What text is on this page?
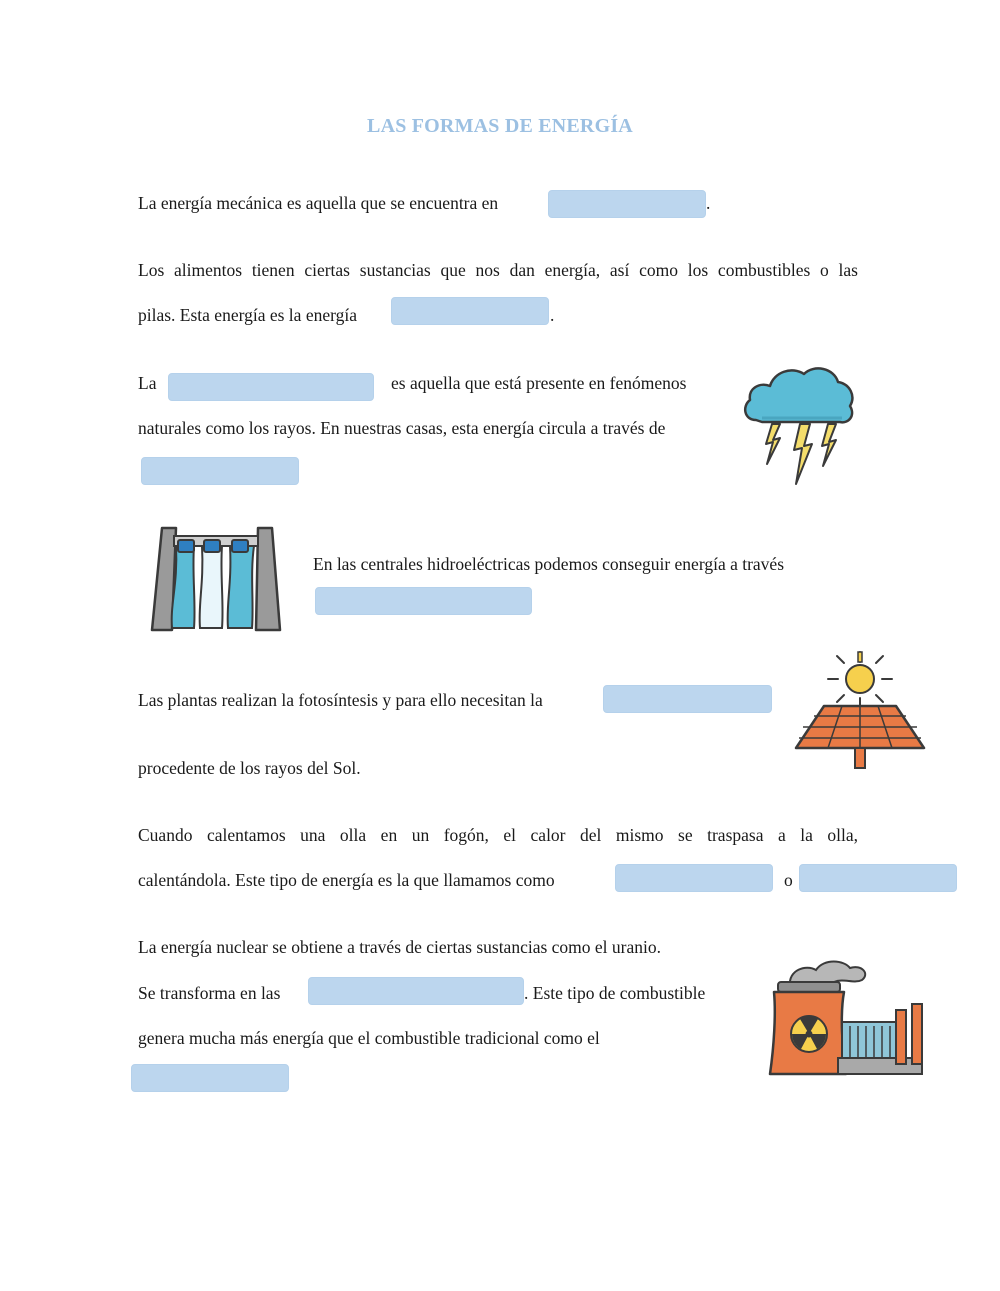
LAS FORMAS DE ENERGÍA
La energía mecánica es aquella que se encuentra en	.
Los alimentos tienen ciertas sustancias que nos dan energía, así como los combustibles o las
pilas. Esta energía es la energía	.
La	es aquella que está presente en fenómenos
naturales como los rayos. En nuestras casas, esta energía circula a través de
En las centrales hidroeléctricas podemos conseguir energía a través
Las plantas realizan la fotosíntesis y para ello necesitan la
procedente de los rayos del Sol.
Cuando calentamos una olla en un fogón, el calor del mismo se traspasa a la olla,
calentándola. Este tipo de energía es la que llamamos como	o
La energía nuclear se obtiene a través de ciertas sustancias como el uranio.
Se transforma en las	. Este tipo de combustible
genera mucha más energía que el combustible tradicional como el
